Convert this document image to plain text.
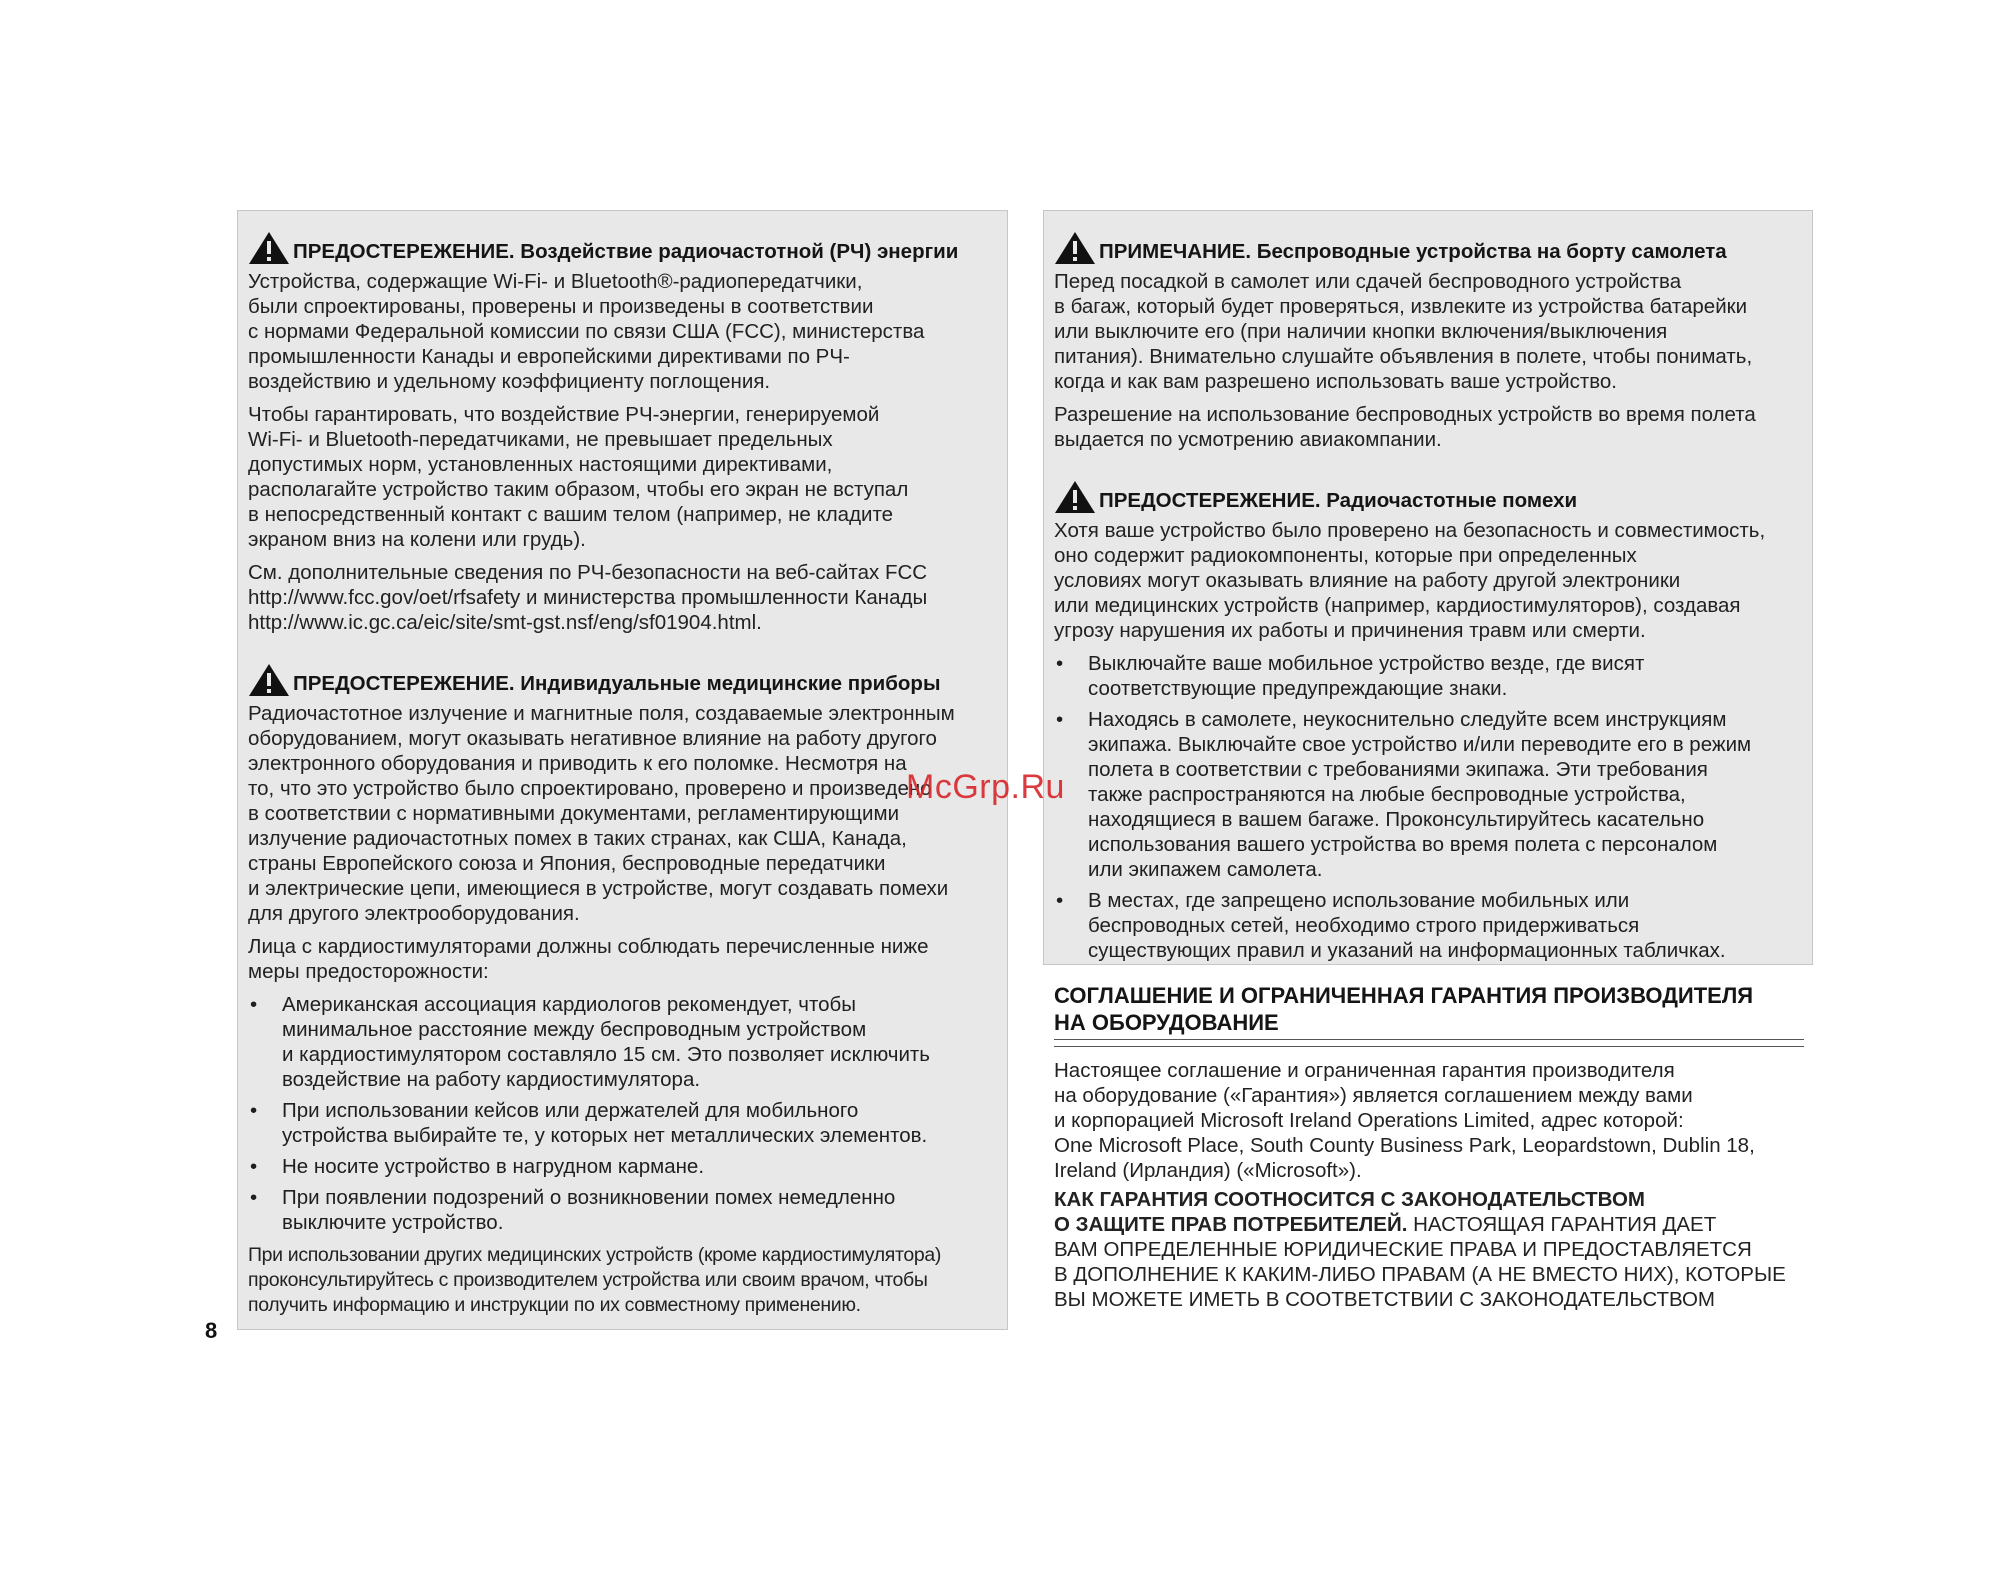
ПРЕДОСТЕРЕЖЕНИЕ. Воздействие радиочастотной (РЧ) энергии
Устройства, содержащие Wi-Fi- и Bluetooth®-радиопередатчики,
были спроектированы, проверены и произведены в соответствии
с нормами Федеральной комиссии по связи США (FCC), министерства
промышленности Канады и европейскими директивами по РЧ-
воздействию и удельному коэффициенту поглощения.
Чтобы гарантировать, что воздействие РЧ-энергии, генерируемой
Wi-Fi- и Bluetooth-передатчиками, не превышает предельных
допустимых норм, установленных настоящими директивами,
располагайте устройство таким образом, чтобы его экран не вступал
в непосредственный контакт с вашим телом (например, не кладите
экраном вниз на колени или грудь).
См. дополнительные сведения по РЧ-безопасности на веб-сайтах FCC
http://www.fcc.gov/oet/rfsafety и министерства промышленности Канады
http://www.ic.gc.ca/eic/site/smt-gst.nsf/eng/sf01904.html.
ПРЕДОСТЕРЕЖЕНИЕ. Индивидуальные медицинские приборы
Радиочастотное излучение и магнитные поля, создаваемые электронным
оборудованием, могут оказывать негативное влияние на работу другого
электронного оборудования и приводить к его поломке. Несмотря на
то, что это устройство было спроектировано, проверено и произведено
в соответствии с нормативными документами, регламентирующими
излучение радиочастотных помех в таких странах, как США, Канада,
страны Европейского союза и Япония, беспроводные передатчики
и электрические цепи, имеющиеся в устройстве, могут создавать помехи
для другого электрооборудования.
Лица с кардиостимуляторами должны соблюдать перечисленные ниже
меры предосторожности:
• Американская ассоциация кардиологов рекомендует, чтобы
минимальное расстояние между беспроводным устройством
и кардиостимулятором составляло 15 см. Это позволяет исключить
воздействие на работу кардиостимулятора.
• При использовании кейсов или держателей для мобильного
устройства выбирайте те, у которых нет металлических элементов.
• Не носите устройство в нагрудном кармане.
• При появлении подозрений о возникновении помех немедленно
выключите устройство.
При использовании других медицинских устройств (кроме кардиостимулятора)
проконсультируйтесь с производителем устройства или своим врачом, чтобы
получить информацию и инструкции по их совместному применению.
ПРИМЕЧАНИЕ. Беспроводные устройства на борту самолета
Перед посадкой в самолет или сдачей беспроводного устройства
в багаж, который будет проверяться, извлеките из устройства батарейки
или выключите его (при наличии кнопки включения/выключения
питания). Внимательно слушайте объявления в полете, чтобы понимать,
когда и как вам разрешено использовать ваше устройство.
Разрешение на использование беспроводных устройств во время полета
выдается по усмотрению авиакомпании.
ПРЕДОСТЕРЕЖЕНИЕ. Радиочастотные помехи
Хотя ваше устройство было проверено на безопасность и совместимость,
оно содержит радиокомпоненты, которые при определенных
условиях могут оказывать влияние на работу другой электроники
или медицинских устройств (например, кардиостимуляторов), создавая
угрозу нарушения их работы и причинения травм или смерти.
• Выключайте ваше мобильное устройство везде, где висят
соответствующие предупреждающие знаки.
• Находясь в самолете, неукоснительно следуйте всем инструкциям
экипажа. Выключайте свое устройство и/или переводите его в режим
полета в соответствии с требованиями экипажа. Эти требования
также распространяются на любые беспроводные устройства,
находящиеся в вашем багаже. Проконсультируйтесь касательно
использования вашего устройства во время полета с персоналом
или экипажем самолета.
• В местах, где запрещено использование мобильных или
беспроводных сетей, необходимо строго придерживаться
существующих правил и указаний на информационных табличках.
СОГЛАШЕНИЕ И ОГРАНИЧЕННАЯ ГАРАНТИЯ ПРОИЗВОДИТЕЛЯ
НА ОБОРУДОВАНИЕ
Настоящее соглашение и ограниченная гарантия производителя
на оборудование («Гарантия») является соглашением между вами
и корпорацией Microsoft Ireland Operations Limited, адрес которой:
One Microsoft Place, South County Business Park, Leopardstown, Dublin 18,
Ireland (Ирландия) («Microsoft»).
КАК ГАРАНТИЯ СООТНОСИТСЯ С ЗАКОНОДАТЕЛЬСТВОМ
О ЗАЩИТЕ ПРАВ ПОТРЕБИТЕЛЕЙ. НАСТОЯЩАЯ ГАРАНТИЯ ДАЕТ
ВАМ ОПРЕДЕЛЕННЫЕ ЮРИДИЧЕСКИЕ ПРАВА И ПРЕДОСТАВЛЯЕТСЯ
В ДОПОЛНЕНИЕ К КАКИМ-ЛИБО ПРАВАМ (А НЕ ВМЕСТО НИХ), КОТОРЫЕ
ВЫ МОЖЕТЕ ИМЕТЬ В СООТВЕТСТВИИ С ЗАКОНОДАТЕЛЬСТВОМ
8
McGrp.Ru
